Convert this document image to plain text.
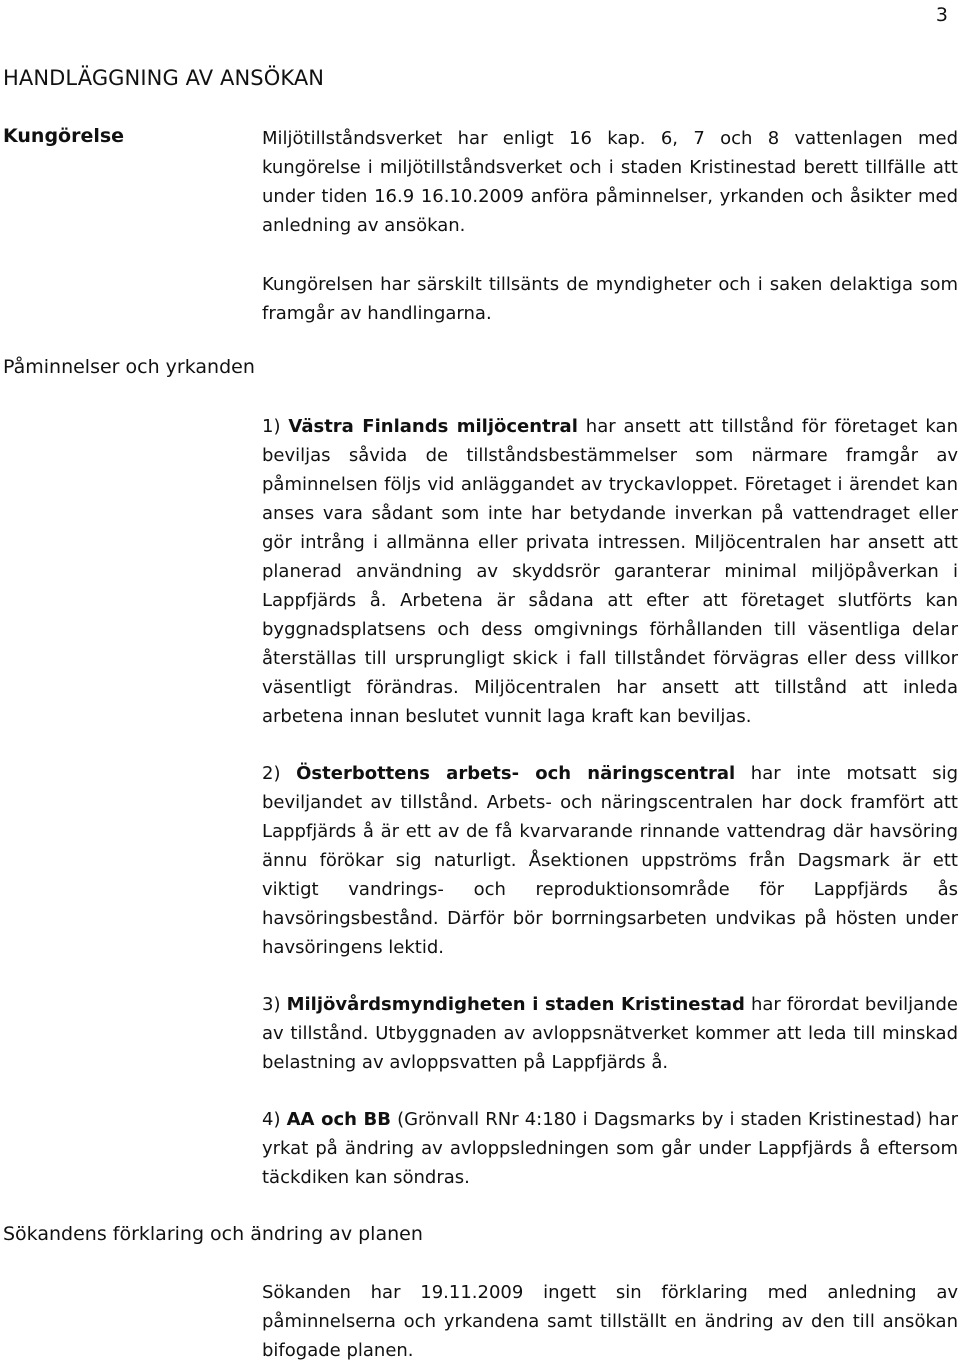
3
HANDLÄGGNING AV ANSÖKAN
Kungörelse	Miljötillståndsverket har enligt 16 kap. 6, 7 och 8 vattenlagen med kungörelse i miljötillståndsverket och i staden Kristinestad berett tillfälle att under tiden 16.9 16.10.2009 anföra påminnelser, yrkanden och åsikter med anledning av ansökan.
Kungörelsen har särskilt tillsänts de myndigheter och i saken delaktiga som framgår av handlingarna.
Påminnelser och yrkanden
1) Västra Finlands miljöcentral har ansett att tillstånd för företaget kan beviljas såvida de tillståndsbestämmelser som närmare framgår av påminnelsen följs vid anläggandet av tryckavloppet. Företaget i ärendet kan anses vara sådant som inte har betydande inverkan på vattendraget eller gör intrång i allmänna eller privata intressen. Miljöcentralen har ansett att planerad användning av skyddsrör garanterar minimal miljöpåverkan i Lappfjärds å. Arbetena är sådana att efter att företaget slutförts kan byggnadsplatsens och dess omgivnings förhållanden till väsentliga delar återställas till ursprungligt skick i fall tillståndet förvägras eller dess villkor väsentligt förändras. Miljöcentralen har ansett att tillstånd att inleda arbetena innan beslutet vunnit laga kraft kan beviljas.
2) Österbottens arbets- och näringscentral har inte motsatt sig beviljandet av tillstånd. Arbets- och näringscentralen har dock framfört att Lappfjärds å är ett av de få kvarvarande rinnande vattendrag där havsöring ännu förökar sig naturligt. Åsektionen uppströms från Dagsmark är ett viktigt vandrings- och reproduktionsområde för Lappfjärds ås havsöringsbestånd. Därför bör borrningsarbeten undvikas på hösten under havsöringens lektid.
3) Miljövårdsmyndigheten i staden Kristinestad har förordat beviljande av tillstånd. Utbyggnaden av avloppsnätverket kommer att leda till minskad belastning av avloppsvatten på Lappfjärds å.
4) AA och BB (Grönvall RNr 4:180 i Dagsmarks by i staden Kristinestad) har yrkat på ändring av avloppsledningen som går under Lappfjärds å eftersom täckdiken kan söndras.
Sökandens förklaring och ändring av planen
Sökanden har 19.11.2009 ingett sin förklaring med anledning av påminnelserna och yrkandena samt tillställt en ändring av den till ansökan bifogade planen.
